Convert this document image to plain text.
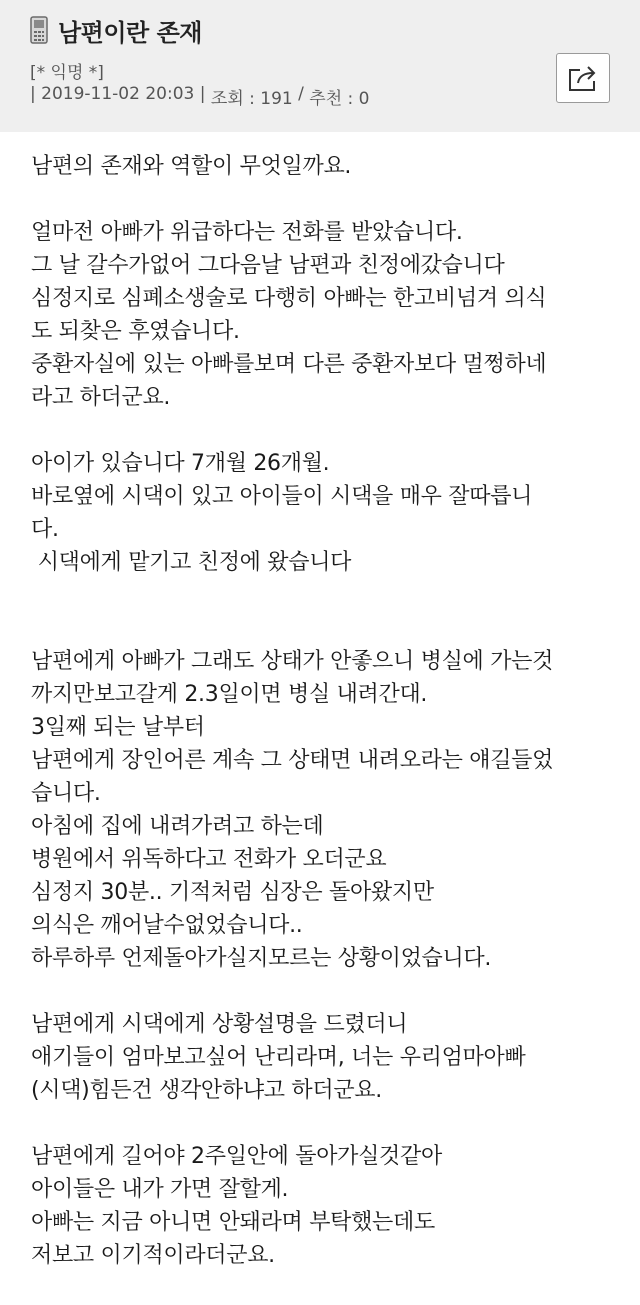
남편이란 존재
[* 익명 *]
| 2019-11-02 20:03 | 조회 : 191 / 추천 : 0
남편의 존재와 역할이 무엇일까요.
얼마전 아빠가 위급하다는 전화를 받았습니다.
그 날 갈수가없어 그다음날 남편과 친정에갔습니다
심정지로 심폐소생술로 다행히 아빠는 한고비넘겨 의식
도 되찾은 후였습니다.
중환자실에 있는 아빠를보며 다른 중환자보다 멀쩡하네
라고 하더군요.
아이가 있습니다 7개월 26개월.
바로옆에 시댁이 있고 아이들이 시댁을 매우 잘따릅니
다.
시댁에게 맡기고 친정에 왔습니다
남편에게 아빠가 그래도 상태가 안좋으니 병실에 가는것
까지만보고갈게 2.3일이면 병실 내려간대.
3일째 되는 날부터
남편에게 장인어른 계속 그 상태면 내려오라는 얘길들었
습니다.
아침에 집에 내려가려고 하는데
병원에서 위독하다고 전화가 오더군요
심정지 30분.. 기적처럼 심장은 돌아왔지만
의식은 깨어날수없었습니다..
하루하루 언제돌아가실지모르는 상황이었습니다.
남편에게 시댁에게 상황설명을 드렸더니
애기들이 엄마보고싶어 난리라며, 너는 우리엄마아빠
(시댁)힘든건 생각안하냐고 하더군요.
남편에게 길어야 2주일안에 돌아가실것같아
아이들은 내가 가면 잘할게.
아빠는 지금 아니면 안돼라며 부탁했는데도
저보고 이기적이라더군요.
